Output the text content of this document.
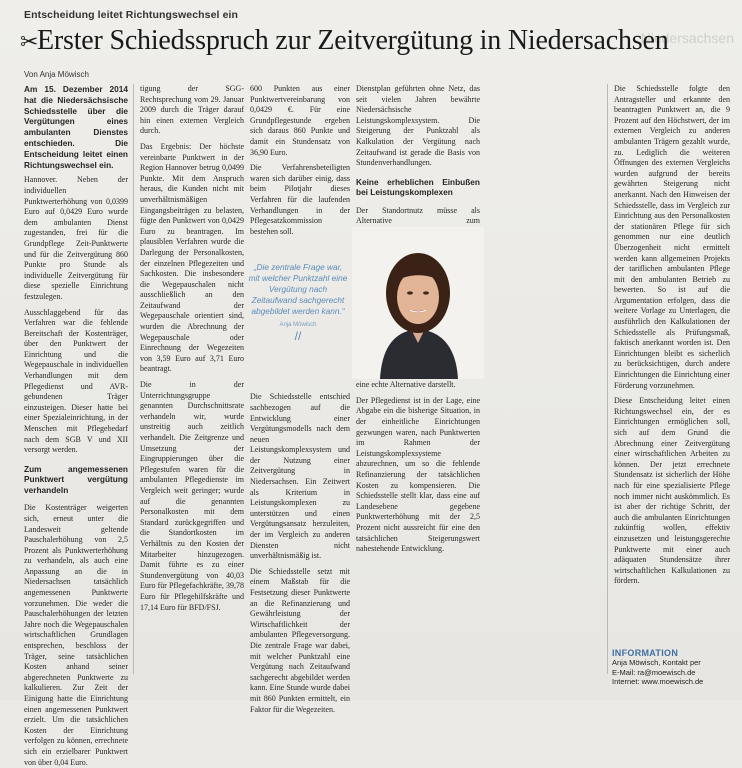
Entscheidung leitet Richtungswechsel ein
Niedersachsen
✂Erster Schiedsspruch zur Zeitvergütung in Niedersachsen
Von Anja Möwisch

Am 15. Dezember 2014 hat die Niedersächsische Schiedsstelle über die Vergütungen eines ambulanten Dienstes entschieden. Die Entscheidung leitet einen Richtungswechsel ein.

Hannover. Neben der individuellen Punktwerterhöhung von 0,0399 Euro auf 0,0429 Euro wurde dem ambulanten Dienst zugestanden, frei für die Grundpflege Zeit-Punktwerte und für die Zeitvergütung 860 Punkte pro Stunde als individuelle Zeitvergütung für diese spezielle Einrichtung festzulegen.

Ausschlaggebend für das Verfahren war die fehlende Bereitschaft der Kostenträger, über den Punktwert der Einrichtung und die Wegepauschale in individuellen Verhandlungen mit dem Pflegedienst und AVR-gebundenen Träger einzusteigen. Dieser hatte bei einer Spezialeinrichtung, in der Menschen mit Pflegebedarf nach dem SGB V und XII versorgt werden.

Zum angemessenen Punktwert vergütung verhandeln

Die Kostenträger weigerten sich, erneut unter die Landesweit geltende Pauschalerhöhung von 2,5 Prozent als Punktwerterhöhung zu verhandeln, als auch eine Anpassung an die in Niedersachsen tatsächlich angemessenen Punktwerte vorzunehmen. Die weder die Pauschalerhöhungen der letzten Jahre noch die Wegepauschalen wirtschaftlichen Grundlagen entsprechen, beschloss der Träger, seine tatsächlichen Kosten anhand seiner abgerechneten Punktwerte zu kalkulieren. Zur Zeit der Einigung hatte die Einrichtung einen angemessenen Punktwert erzielt. Um die tatsächlichen Kosten der Einrichtung verfolgen zu können, errechnete sich ein erzielbarer Punktwert von über 0,04 Euro.

tigung der SGG-Rechtsprechung vom 29. Januar 2009 durch die Träger darauf hin einen externen Vergleich durch.

Das Ergebnis: Der höchste vereinbarte Punktwert in der Region Hannover betrug 0,0499 Punkte. Mit dem Anspruch heraus, die Kunden nicht mit unverhältnismäßigen Eingangsbeiträgen zu belasten, fügte den Punktwert von 0,0429 Euro zu beantragen. Im plausiblen Verfahren wurde die Darlegung der Personalkosten, der einzelnen Pflegezeiten und Sachkosten. Die insbesondere die Wegepauschalen nicht ausschließlich an den Zeitaufwand der Wegepauschale orientiert sind, wurden die Abrechnung der Wegepauschale oder Einrechnung der Wegezeiten von 3,59 Euro auf 3,71 Euro beantragt.

Die in der Unterrichtungsgruppe genannten Durchschnittsrate verhandeln wir, wurde unstreitig auch zeitlich verhandelt. Die Zeitgrenze und Umsetzung der Eingruppierungen über die Pflegestufen waren für die ambulanten Pflegedienste im Vergleich weit geringer; wurde auf die genannten Personalkosten mit dem Standard zurückgegriffen und die Standortkosten im Verhältnis zu den Kosten der Mitarbeiter hinzugezogen. Damit führte es zu einer Stundenvergütung von 40,03 Euro für Pflegefachkräfte, 39,78 Euro für Pflegehilfskräfte und 17,14 Euro für BFD/FSJ.

600 Punkten aus einer Punktwertvereinbarung von 0,0429 €. Für eine Grundpflegestunde ergeben sich daraus 860 Punkte und damit ein Stundensatz von 36,90 Euro.

Die Verfahrensbeteiligten waren sich darüber einig, dass beim Pilotjahr dieses Verfahren für die laufenden Verhandlungen in der Pflegesatzkommission bestehen soll.

Die Schiedsstelle entschied sachbezogen auf die Entwicklung einer Vergütungsmodells nach dem neuen Leistungskomplexsystem und der Nutzung einer Zeitvergütung in Niedersachsen. Ein Zeitwert als Kriterium in Leistungskomplexen zu unterstützen und einen Vergütungsansatz herzuleiten, der im Vergleich zu anderen Diensten nicht unverhältnismäßig ist.

Die Schiedsstelle setzt mit einem Maßstab für die Festsetzung dieser Punktwerte an die Refinanzierung und Gewährleistung der Wirtschaftlichkeit der ambulanten Pflegeversorgung. Die zentrale Frage war dabei, mit welcher Punktzahl eine Vergütung nach Zeitaufwand sachgerecht abgebildet werden kann. Eine Stunde wurde dabei mit 860 Punkten ermittelt, ein Faktor für die Wegezeiten.

Dienstplan geführten ohne Netz, das seit vielen Jahren bewährte Niedersächsische Leistungskomplexsystem. Die Steigerung der Punktzahl als Kalkulation der Vergütung nach Zeitaufwand ist gerade die Basis von Stundenverhandlungen.

Keine erheblichen Einbußen bei Leistungskomplexen

Der Standortnutz müsse als Alternative zum

eine echte Alternative darstellt.

Der Pflegedienst ist in der Lage, eine Abgabe ein die bisherige Situation, in der einheitliche Einrichtungen gezwungen waren, nach Punktwerten im Rahmen der Leistungskomplexsysteme abzurechnen, um so die fehlende Refinanzierung der tatsächlichen Kosten zu kompensieren. Die Schiedsstelle stellt klar, dass eine auf Landesebene gegebene Punktwerterhöhung mit der 2,5 Prozent nicht aussreicht für eine den tatsächlichen Steigerungswert nahestehende Entwicklung.

Die Schiedsstelle folgte den Antragsteller und erkannte den beantragten Punktwert an, die 9 Prozent auf den Höchstwert, der im externen Vergleich zu anderen ambulanten Trägern gezahlt wurde, zu. Lediglich die weiteren Öffnungen des externen Vergleichs wurden aufgrund der bereits gewährten Steigerung nicht anerkannt. Nach den Hinweisen der Schiedsstelle, dass im Vergleich zur Einrichtung aus den Personalkosten der stationären Pflege für sich genommen nur eine deutlich Überzogenheit nicht ermittelt werden kann allgemeinen Projekts der tariflichen ambulanten Pflege mit den ambulanten Betrieb zu bewerten. So ist auf die Argumentation erfolgen, dass die weitere Vorlage zu Unterlagen, die ausführlich den Kalkulationen der Schiedsstelle als Prüfungsmaß, faktisch anerkannt worden ist. Den Einrichtungen bleibt es sicherlich zu berücksichtigen, durch andere Einrichtungen die Einrichtung einer Förderung vorzunehmen.

Diese Entscheidung leitet einen Richtungswechsel ein, der es Einrichtungen ermöglichen soll, sich auf dem Grund die Abrechnung einer Zeitvergütung einer wirtschaftlichen Arbeiten zu können. Der jetzt errechnete Stundensatz ist sicherlich der Höhe nach für eine spezialisierte Pflege noch immer nicht auskömmlich. Es ist aber der richtige Schritt, der auch die ambulanten Einrichtungen zukünftig wollen, effektiv einzusetzen und leistungsgerechte Punktwerte mit einer auch adäquaten Stundensätze ihrer wirtschaftlichen Kalkulationen zu fördern.

„Die zentrale Frage war, mit welcher Punktzahl eine Vergütung nach Zeitaufwand sachgerecht abgebildet werden kann.“
Anja Möwisch
//
INFORMATION
Anja Möwisch, Kontakt per
E-Mail: ra@moewisch.de
Internet: www.moewisch.de
